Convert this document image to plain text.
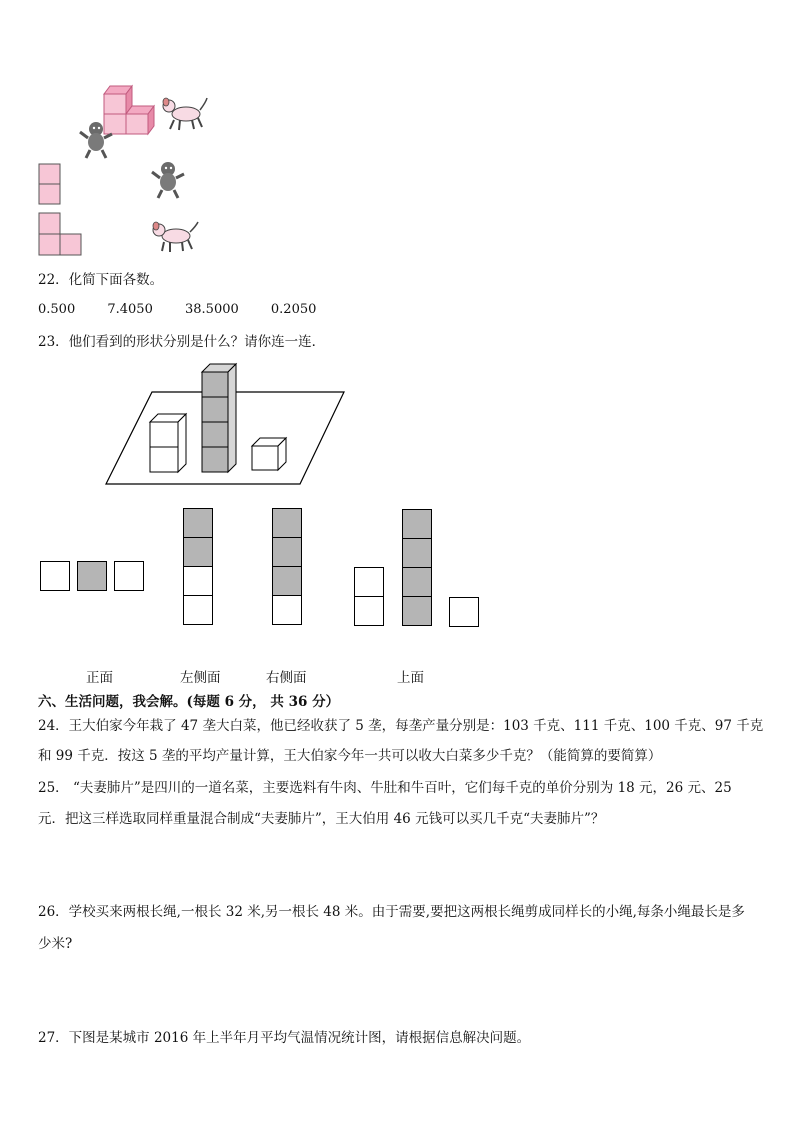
22．化简下面各数。
0.500 7.4050 38.5000 0.2050
23．他们看到的形状分别是什么？请你连一连．
正面	左侧面	右侧面	上面
六、生活问题，我会解。(每题 6 分， 共 36 分）
24．王大伯家今年栽了 47 垄大白菜，他已经收获了 5 垄，每垄产量分别是：103 千克、111 千克、100 千克、97 千克
和 99 千克．按这 5 垄的平均产量计算，王大伯家今年一共可以收大白菜多少千克？（能简算的要简算）
25． “夫妻肺片”是四川的一道名菜，主要选料有牛肉、牛肚和牛百叶，它们每千克的单价分别为 18 元，26 元、25
元．把这三样选取同样重量混合制成“夫妻肺片”，王大伯用 46 元钱可以买几千克“夫妻肺片”？
26．学校买来两根长绳,一根长 32 米,另一根长 48 米。由于需要,要把这两根长绳剪成同样长的小绳,每条小绳最长是多
少米?
27．下图是某城市 2016 年上半年月平均气温情况统计图，请根据信息解决问题。
